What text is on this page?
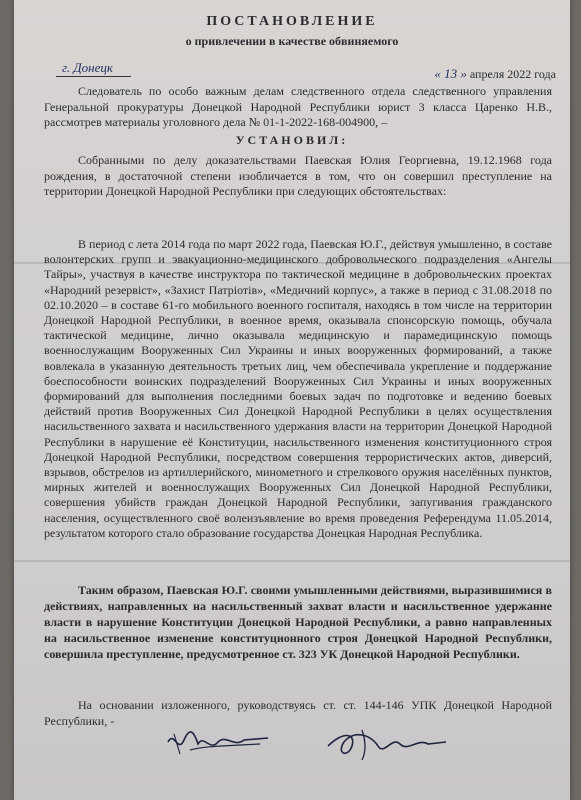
ПОСТАНОВЛЕНИЕ
о привлечении в качестве обвиняемого
г. Донецк	« 13 » апреля 2022 года
Следователь по особо важным делам следственного отдела следственного управления Генеральной прокуратуры Донецкой Народной Республики юрист 3 класса Царенко Н.В., рассмотрев материалы уголовного дела № 01-1-2022-168-004900, –
УСТАНОВИЛ:
Собранными по делу доказательствами Паевская Юлия Георгиевна, 19.12.1968 года рождения, в достаточной степени изобличается в том, что он совершил преступление на территории Донецкой Народной Республики при следующих обстоятельствах:
В период с лета 2014 года по март 2022 года, Паевская Ю.Г., действуя умышленно, в составе волонтерских групп и эвакуационно-медицинского добровольческого подразделения «Ангелы Тайры», участвуя в качестве инструктора по тактической медицине в добровольческих проектах «Народний резервіст», «Захист Патріотів», «Медичний корпус», а также в период с 31.08.2018 по 02.10.2020 – в составе 61-го мобильного военного госпиталя, находясь в том числе на территории Донецкой Народной Республики, в военное время, оказывала спонсорскую помощь, обучала тактической медицине, лично оказывала медицинскую и парамедицинскую помощь военнослужащим Вооруженных Сил Украины и иных вооруженных формирований, а также вовлекала в указанную деятельность третьих лиц, чем обеспечивала укрепление и поддержание боеспособности воинских подразделений Вооруженных Сил Украины и иных вооруженных формирований для выполнения последними боевых задач по подготовке и ведению боевых действий против Вооруженных Сил Донецкой Народной Республики в целях осуществления насильственного захвата и насильственного удержания власти на территории Донецкой Народной Республики в нарушение её Конституции, насильственного изменения конституционного строя Донецкой Народной Республики, посредством совершения террористических актов, диверсий, взрывов, обстрелов из артиллерийского, минометного и стрелкового оружия населённых пунктов, мирных жителей и военнослужащих Вооруженных Сил Донецкой Народной Республики, совершения убийств граждан Донецкой Народной Республики, запугивания гражданского населения, осуществленного своё волеизъявление во время проведения Референдума 11.05.2014, результатом которого стало образование государства Донецкая Народная Республика.
Таким образом, Паевская Ю.Г. своими умышленными действиями, выразившимися в действиях, направленных на насильственный захват власти и насильственное удержание власти в нарушение Конституции Донецкой Народной Республики, а равно направленных на насильственное изменение конституционного строя Донецкой Народной Республики, совершила преступление, предусмотренное ст. 323 УК Донецкой Народной Республики.
На основании изложенного, руководствуясь ст. ст. 144-146 УПК Донецкой Народной Республики, -
